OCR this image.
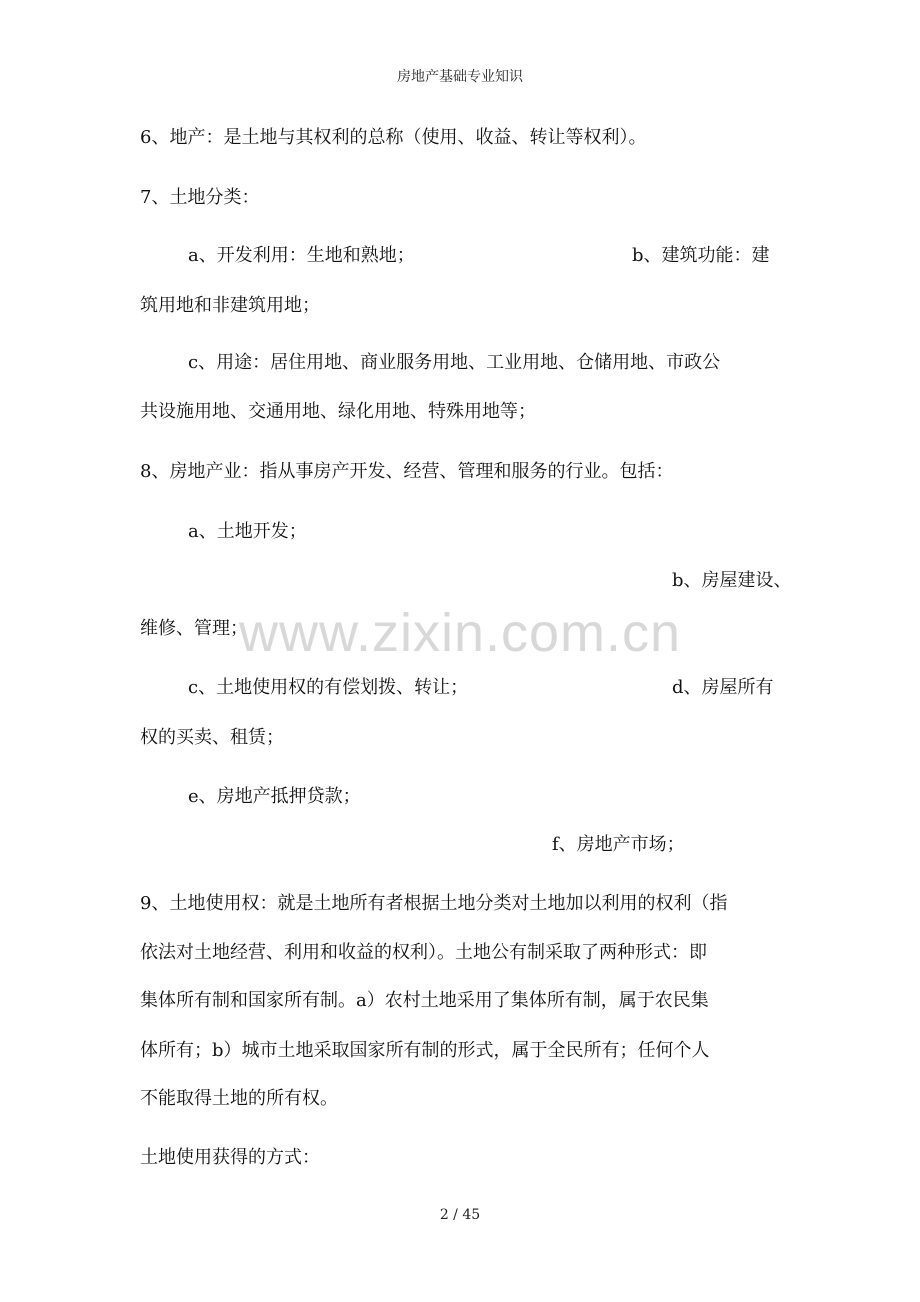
房地产基础专业知识
www.zixin.com.cn
6、地产：是土地与其权利的总称（使用、收益、转让等权利）。
7、土地分类：
a、开发利用：生地和熟地；	b、建筑功能：建
筑用地和非建筑用地；
c、用途：居住用地、商业服务用地、工业用地、仓储用地、市政公
共设施用地、交通用地、绿化用地、特殊用地等；
8、房地产业：指从事房产开发、经营、管理和服务的行业。包括：
a、土地开发；
b、房屋建设、
维修、管理；
c、土地使用权的有偿划拨、转让；	d、房屋所有
权的买卖、租赁；
e、房地产抵押贷款；
f、房地产市场；
9、土地使用权：就是土地所有者根据土地分类对土地加以利用的权利（指
依法对土地经营、利用和收益的权利）。土地公有制采取了两种形式：即
集体所有制和国家所有制。a）农村土地采用了集体所有制，属于农民集
体所有；b）城市土地采取国家所有制的形式，属于全民所有；任何个人
不能取得土地的所有权。
土地使用获得的方式：
2 / 45
